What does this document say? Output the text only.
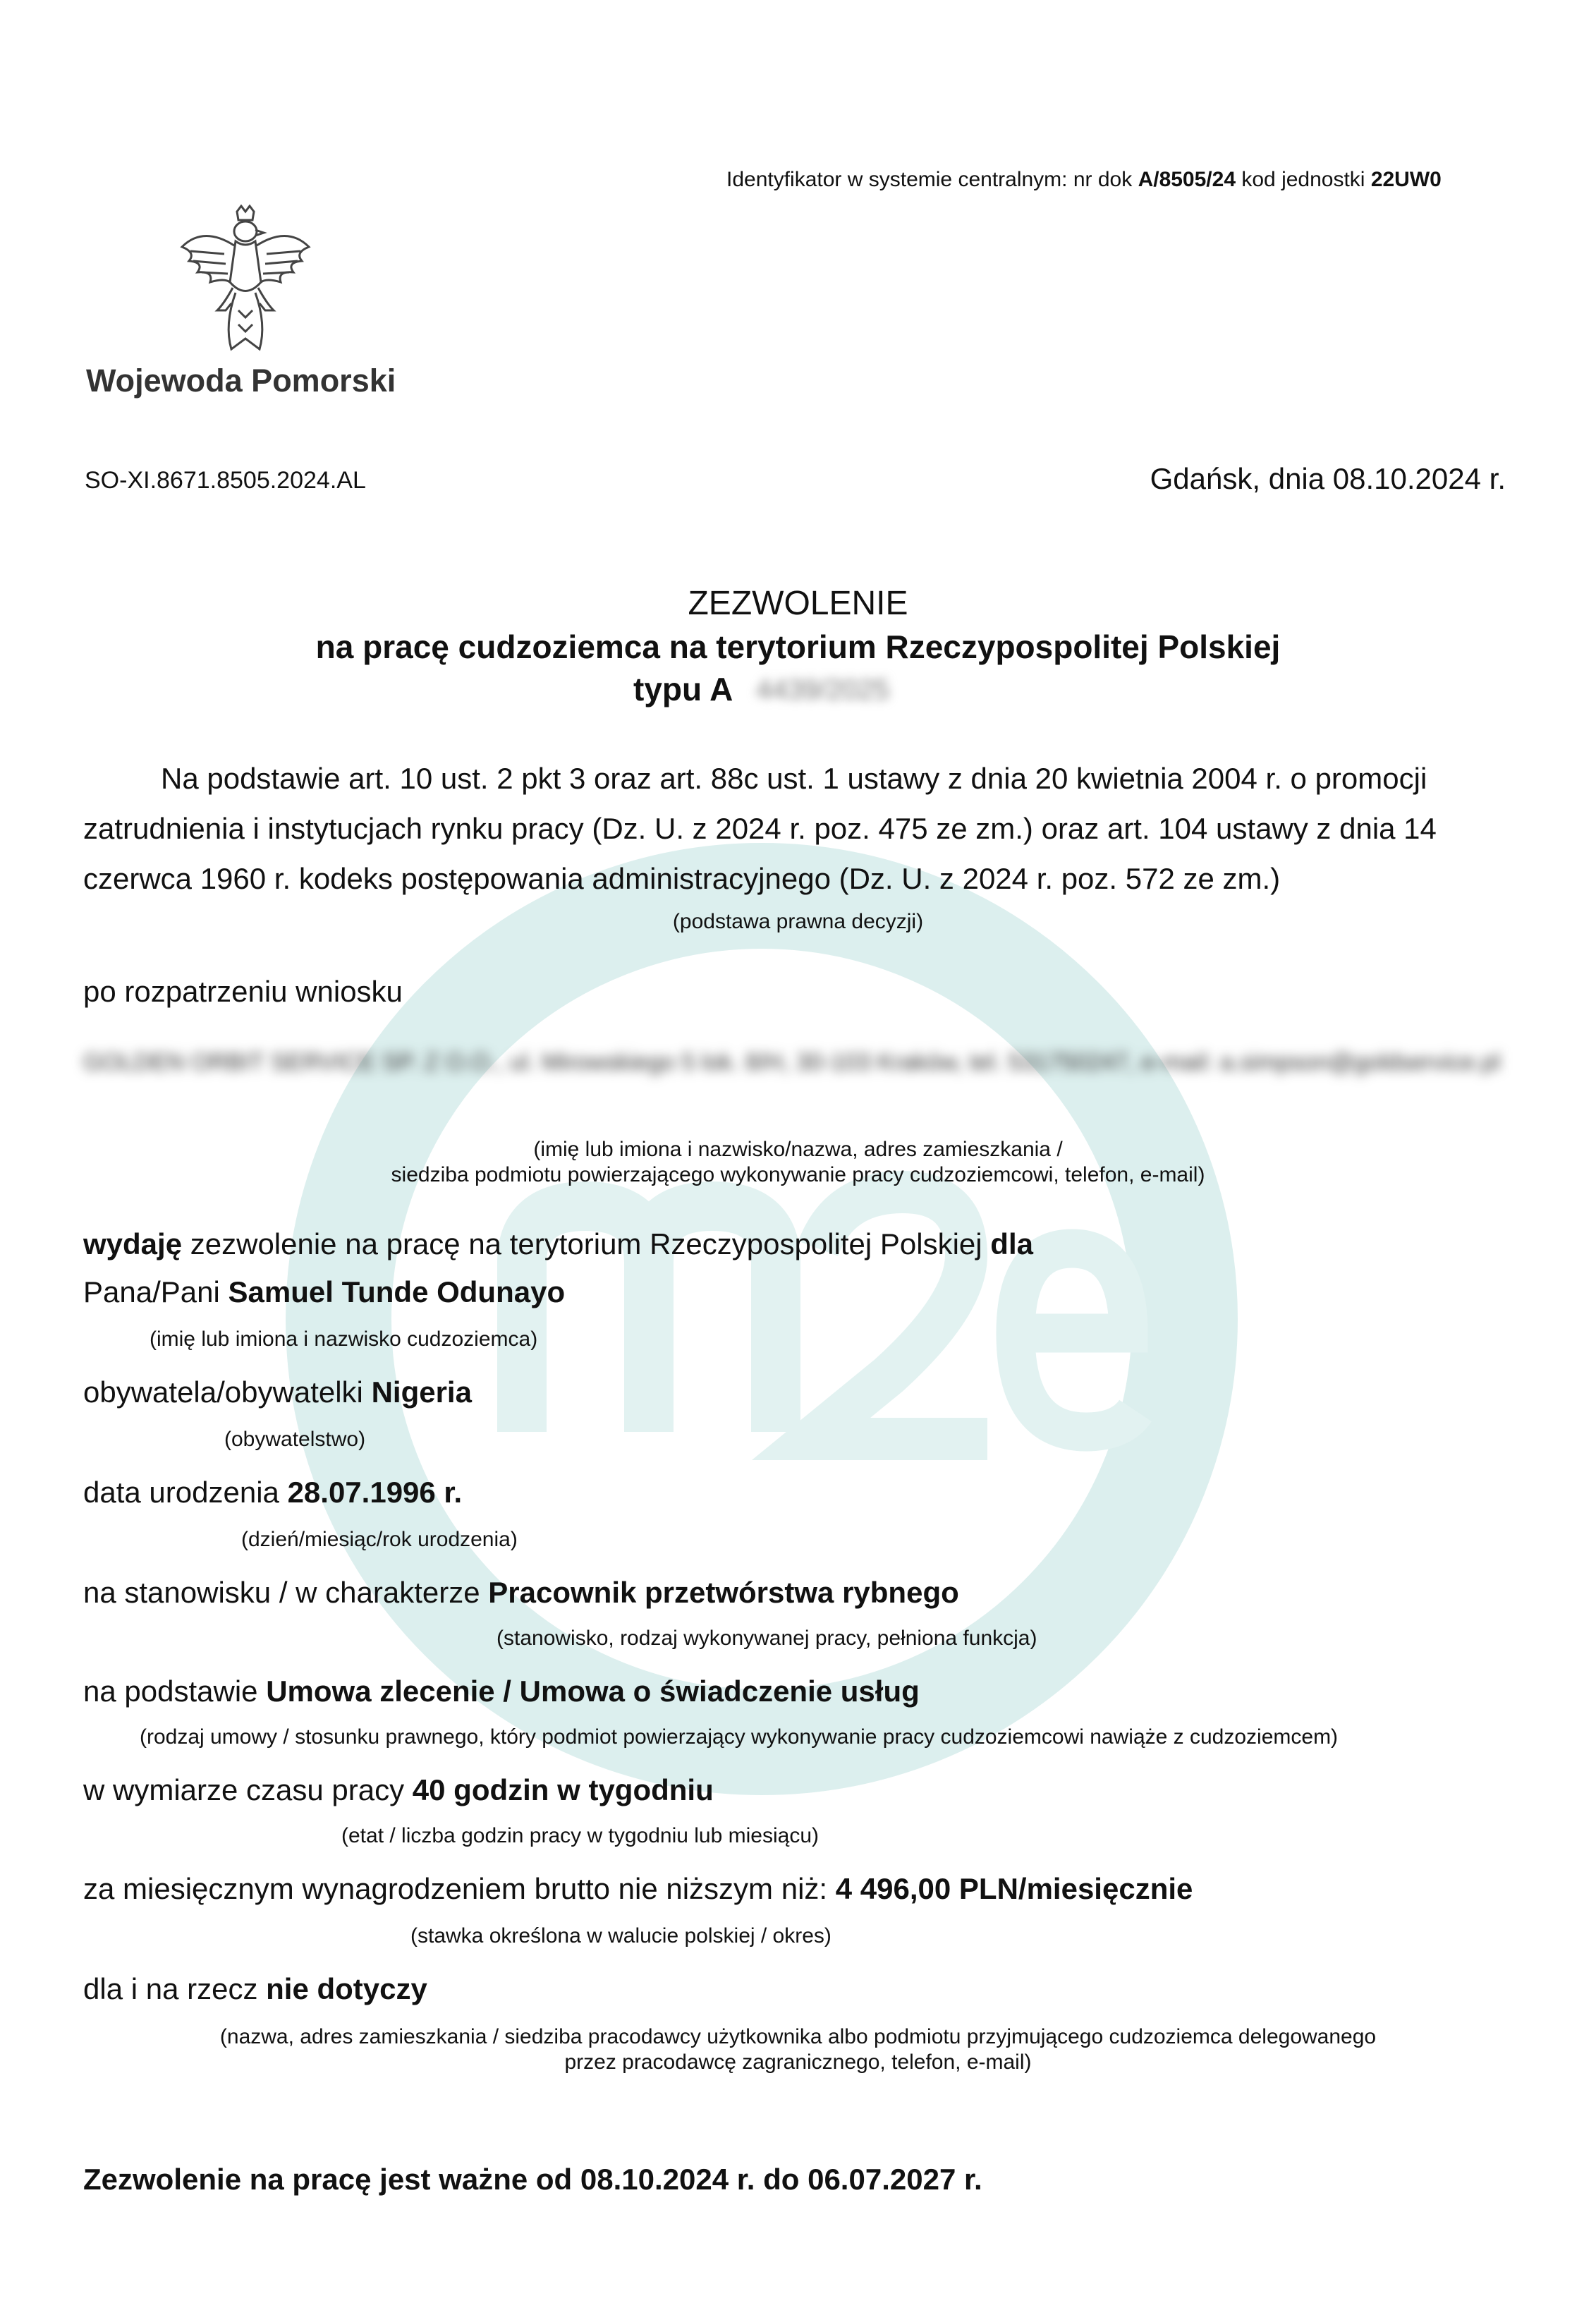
Identyfikator w systemie centralnym: nr dok A/8505/24 kod jednostki 22UW0
Wojewoda Pomorski
SO-XI.8671.8505.2024.AL	Gdańsk, dnia 08.10.2024 r.
ZEZWOLENIE
na pracę cudzoziemca na terytorium Rzeczypospolitej Polskiej
typu A 4439/2025
Na podstawie art. 10 ust. 2 pkt 3 oraz art. 88c ust. 1 ustawy z dnia 20 kwietnia 2004 r. o promocji zatrudnienia i instytucjach rynku pracy (Dz. U. z 2024 r. poz. 475 ze zm.) oraz art. 104 ustawy z dnia 14 czerwca 1960 r. kodeks postępowania administracyjnego (Dz. U. z 2024 r. poz. 572 ze zm.)
(podstawa prawna decyzji)
po rozpatrzeniu wniosku
GOLDEN ORBIT SERVICE SP. Z O.O., ul. Mirowskiego 5 lok. 8/H, 30-103 Kraków, tel. 531750247, e-mail: a.simpson@goldservice.pl
(imię lub imiona i nazwisko/nazwa, adres zamieszkania /
siedziba podmiotu powierzającego wykonywanie pracy cudzoziemcowi, telefon, e-mail)
wydaję zezwolenie na pracę na terytorium Rzeczypospolitej Polskiej dla
Pana/Pani Samuel Tunde Odunayo
(imię lub imiona i nazwisko cudzoziemca)
obywatela/obywatelki Nigeria
(obywatelstwo)
data urodzenia 28.07.1996 r.
(dzień/miesiąc/rok urodzenia)
na stanowisku / w charakterze Pracownik przetwórstwa rybnego
(stanowisko, rodzaj wykonywanej pracy, pełniona funkcja)
na podstawie Umowa zlecenie / Umowa o świadczenie usług
(rodzaj umowy / stosunku prawnego, który podmiot powierzający wykonywanie pracy cudzoziemcowi nawiąże z cudzoziemcem)
w wymiarze czasu pracy 40 godzin w tygodniu
(etat / liczba godzin pracy w tygodniu lub miesiącu)
za miesięcznym wynagrodzeniem brutto nie niższym niż: 4 496,00 PLN/miesięcznie
(stawka określona w walucie polskiej / okres)
dla i na rzecz nie dotyczy
(nazwa, adres zamieszkania / siedziba pracodawcy użytkownika albo podmiotu przyjmującego cudzoziemca delegowanego
przez pracodawcę zagranicznego, telefon, e-mail)
Zezwolenie na pracę jest ważne od 08.10.2024 r. do 06.07.2027 r.
